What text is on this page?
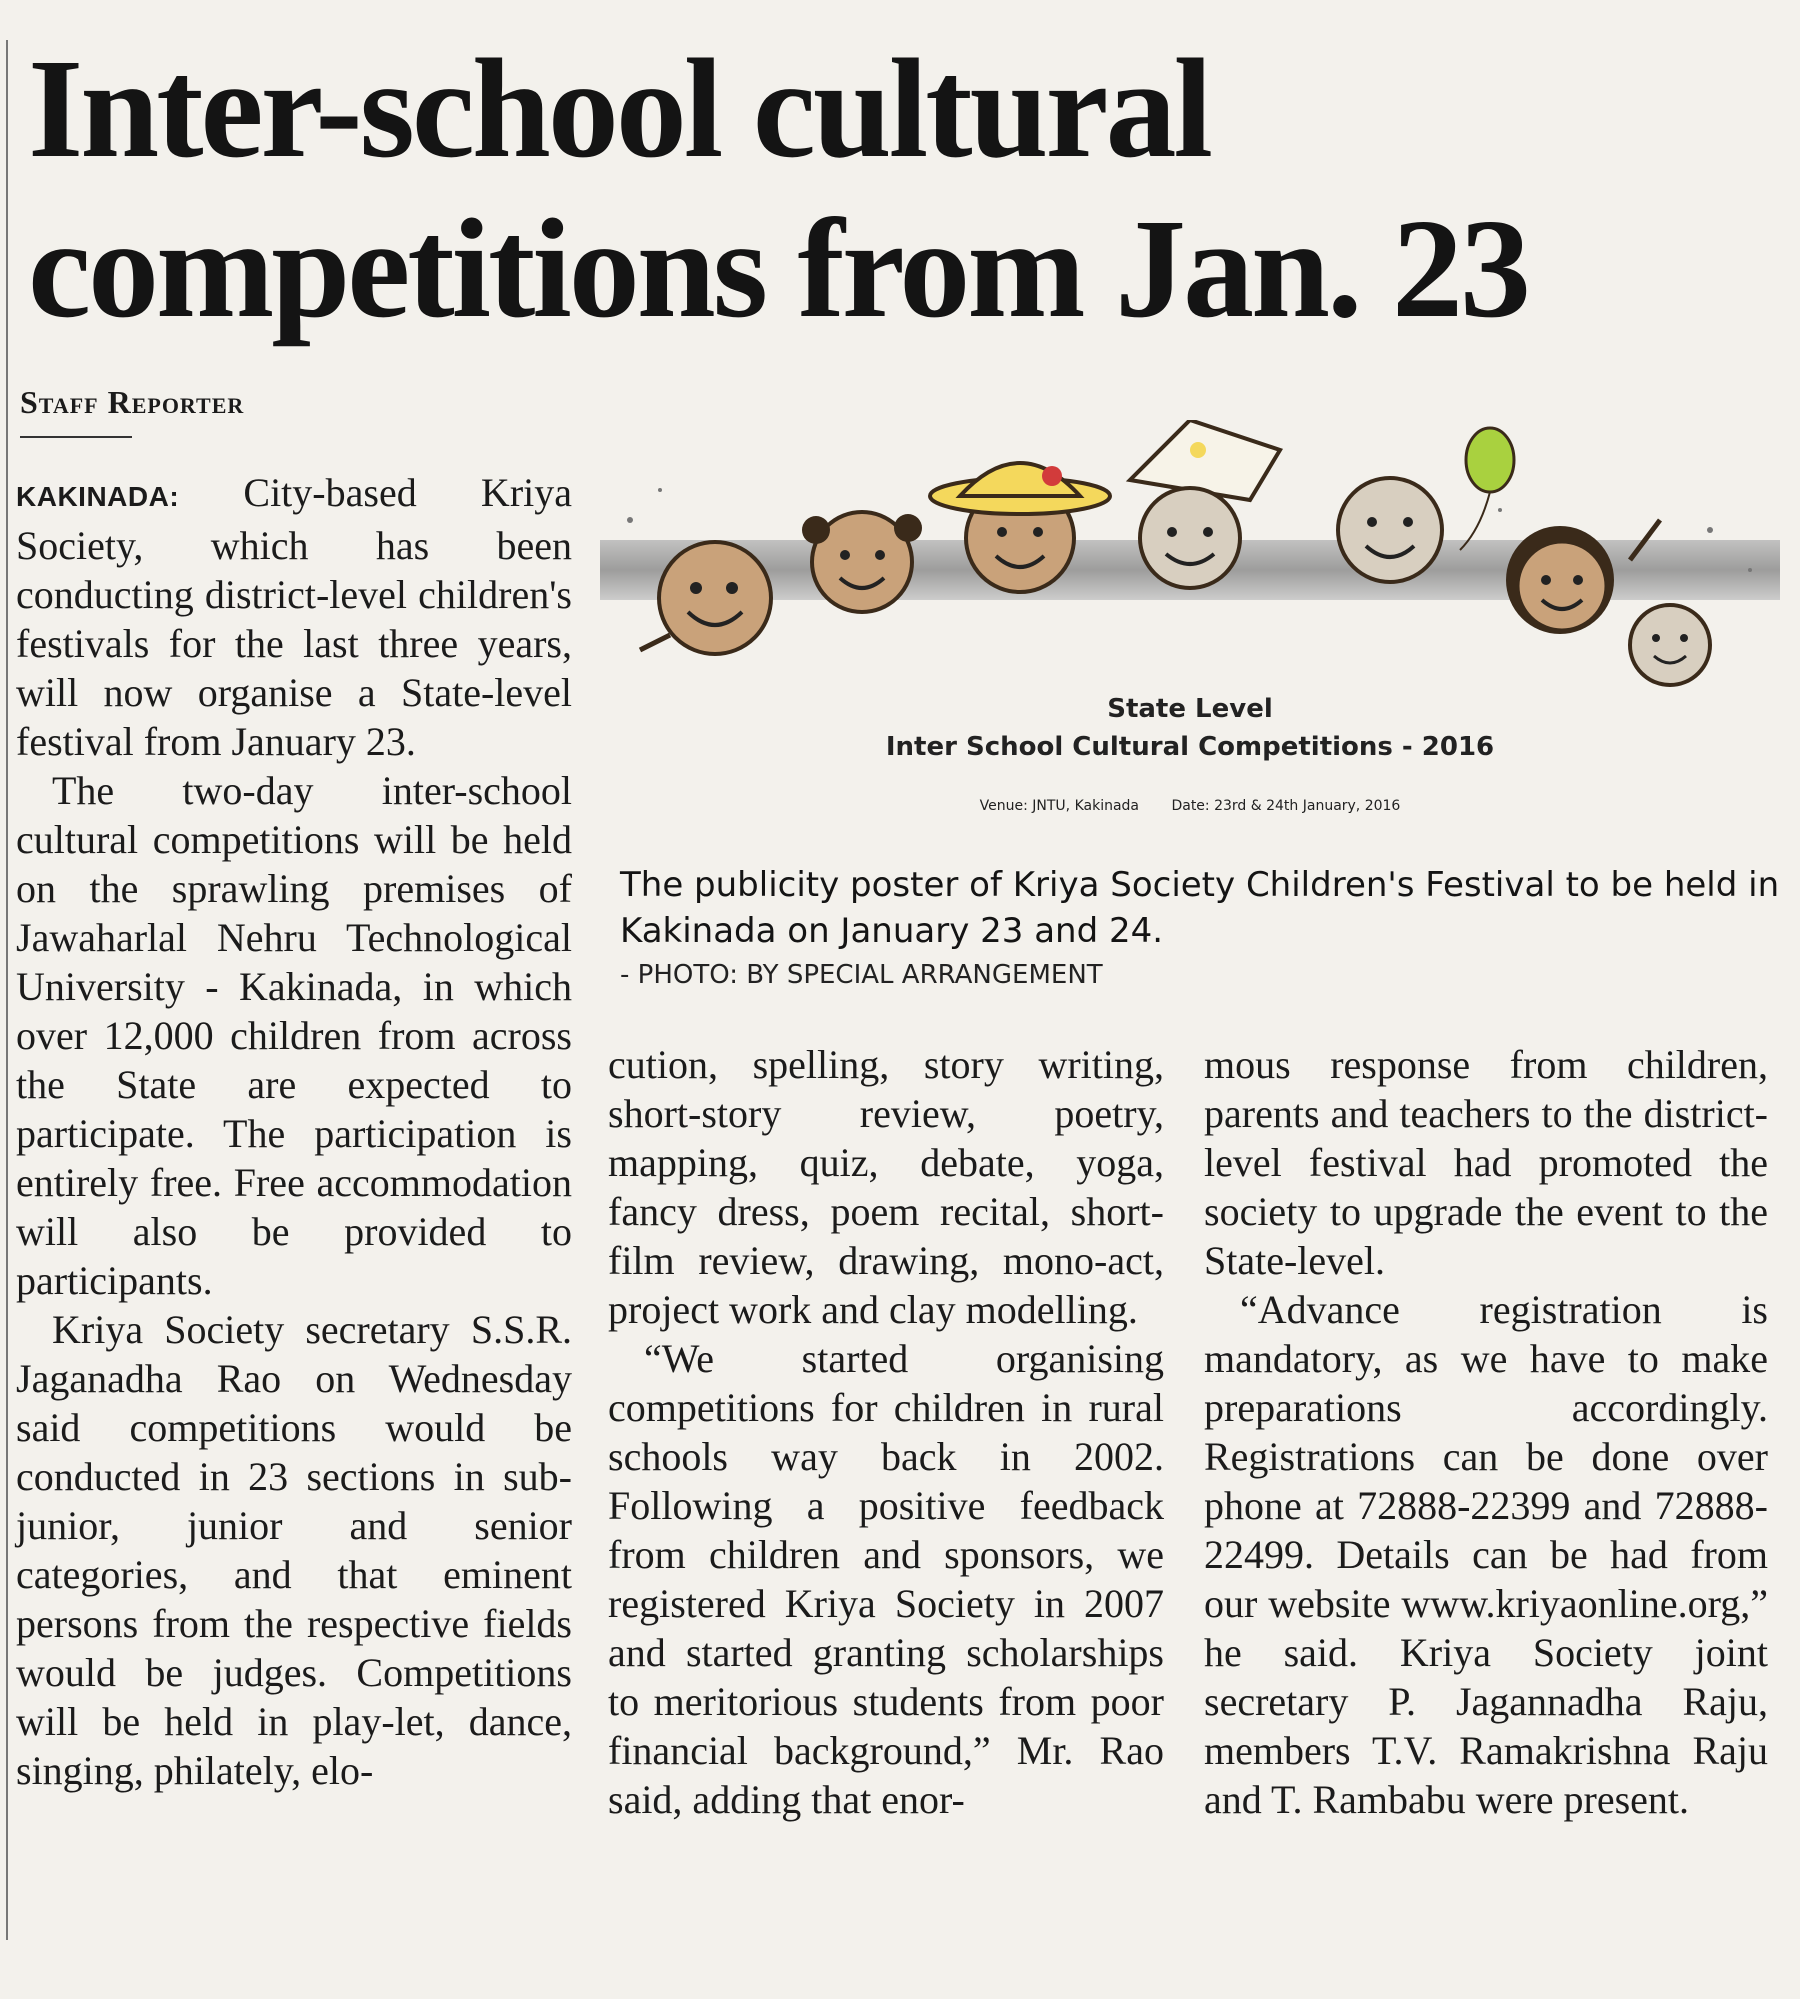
Inter-school cultural competitions from Jan. 23
Staff Reporter

KAKINADA: City-based Kriya Society, which has been conducting district-level children's festivals for the last three years, will now organise a State-level festival from January 23.

The two-day inter-school cultural competitions will be held on the sprawling premises of Jawaharlal Nehru Technological University - Kakinada, in which over 12,000 children from across the State are expected to participate. The participation is entirely free. Free accommodation will also be provided to participants.

Kriya Society secretary S.S.R. Jaganadha Rao on Wednesday said competitions would be conducted in 23 sections in sub-junior, junior and senior categories, and that eminent persons from the respective fields would be judges. Competitions will be held in play-let, dance, singing, philately, elo-

State Level
Inter School Cultural Competitions - 2016
Venue: JNTU, Kakinada Date: 23rd & 24th January, 2016
The publicity poster of Kriya Society Children's Festival to be held in Kakinada on January 23 and 24.
- PHOTO: BY SPECIAL ARRANGEMENT

cution, spelling, story writing, short-story review, poetry, mapping, quiz, debate, yoga, fancy dress, poem recital, short-film review, drawing, mono-act, project work and clay modelling.

“We started organising competitions for children in rural schools way back in 2002. Following a positive feedback from children and sponsors, we registered Kriya Society in 2007 and started granting scholarships to meritorious students from poor financial background,” Mr. Rao said, adding that enor-

mous response from children, parents and teachers to the district-level festival had promoted the society to upgrade the event to the State-level.

“Advance registration is mandatory, as we have to make preparations accordingly. Registrations can be done over phone at 72888-22399 and 72888-22499. Details can be had from our website www.kriyaonline.org,” he said. Kriya Society joint secretary P. Jagannadha Raju, members T.V. Ramakrishna Raju and T. Rambabu were present.
